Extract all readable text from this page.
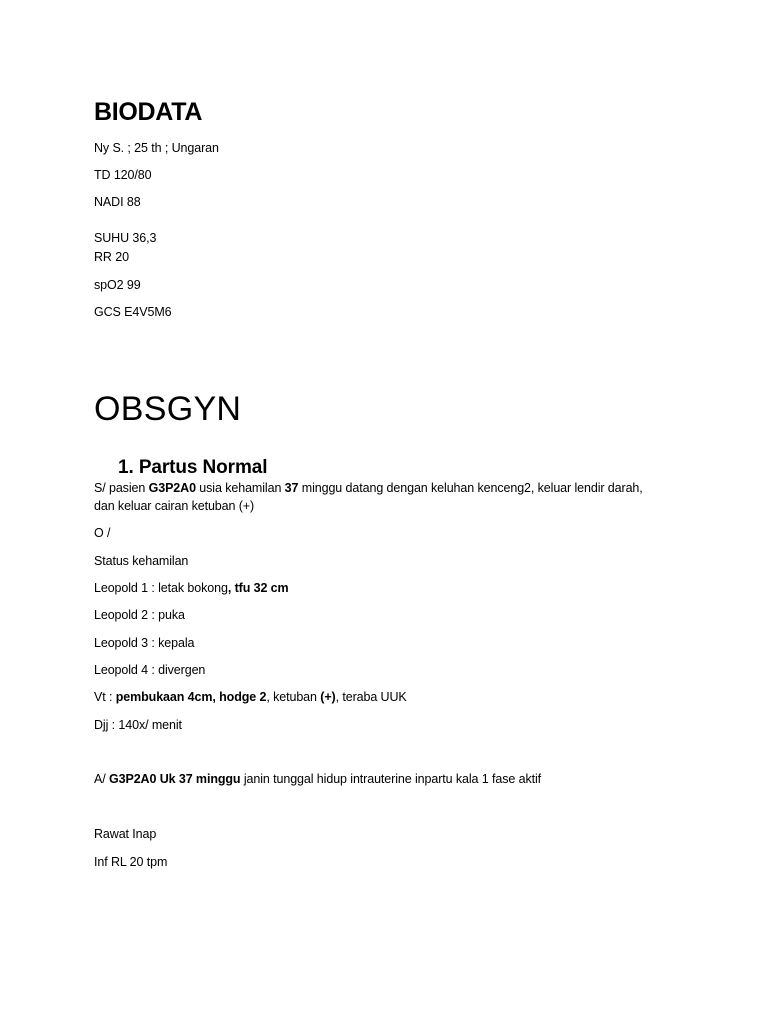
BIODATA
Ny S. ; 25 th ; Ungaran
TD 120/80
NADI 88
SUHU 36,3
RR 20
spO2 99
GCS E4V5M6
OBSGYN
1. Partus Normal
S/ pasien G3P2A0 usia kehamilan 37 minggu datang dengan keluhan kenceng2, keluar lendir darah,
dan keluar cairan ketuban (+)
O /
Status kehamilan
Leopold 1 : letak bokong, tfu 32 cm
Leopold 2 : puka
Leopold 3 : kepala
Leopold 4 : divergen
Vt : pembukaan 4cm, hodge 2, ketuban (+), teraba UUK
Djj : 140x/ menit
A/ G3P2A0 Uk 37 minggu janin tunggal hidup intrauterine inpartu kala 1 fase aktif
Rawat Inap
Inf RL 20 tpm
